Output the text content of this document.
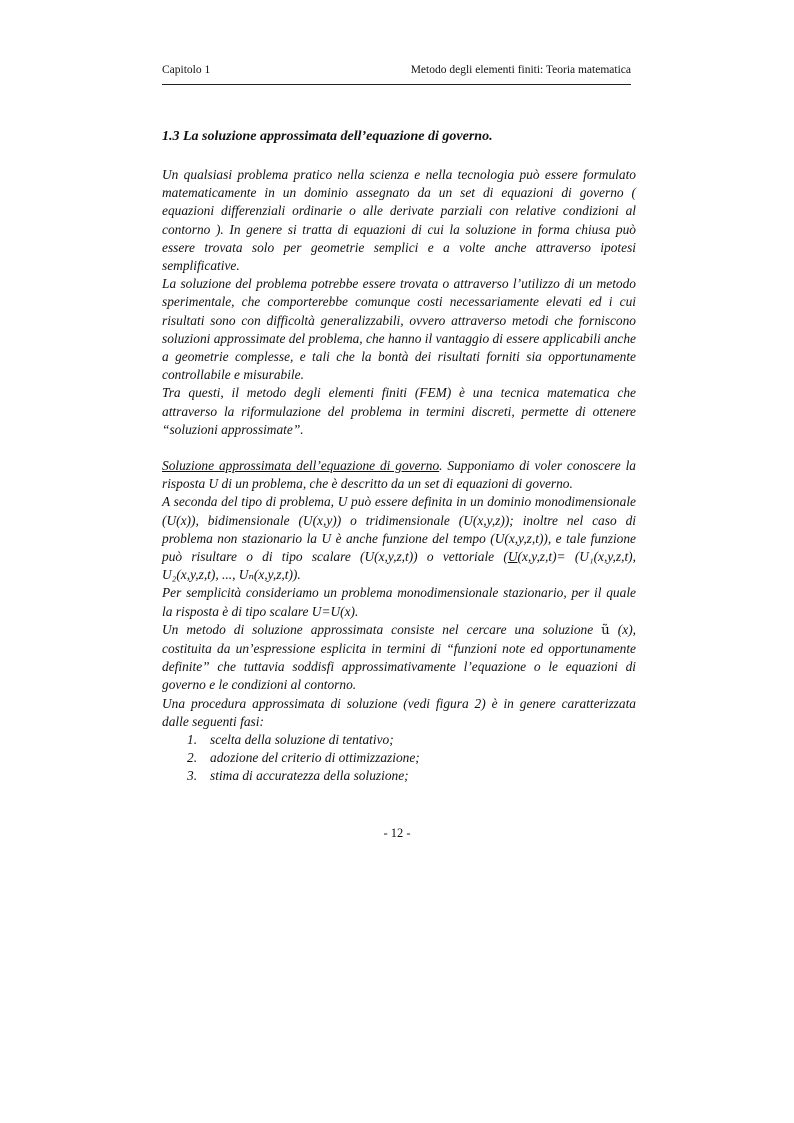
Capitolo 1	Metodo degli elementi finiti: Teoria matematica
1.3 La soluzione approssimata dell’equazione di governo.

Un qualsiasi problema pratico nella scienza e nella tecnologia può essere formulato matematicamente in un dominio assegnato da un set di equazioni di governo ( equazioni differenziali ordinarie o alle derivate parziali con relative condizioni al contorno ). In genere si tratta di equazioni di cui la soluzione in forma chiusa può essere trovata solo per geometrie semplici e a volte anche attraverso ipotesi semplificative.

La soluzione del problema potrebbe essere trovata o attraverso l’utilizzo di un metodo sperimentale, che comporterebbe comunque costi necessariamente elevati ed i cui risultati sono con difficoltà generalizzabili, ovvero attraverso metodi che forniscono soluzioni approssimate del problema, che hanno il vantaggio di essere applicabili anche a geometrie complesse, e tali che la bontà dei risultati forniti sia opportunamente controllabile e misurabile.

Tra questi, il metodo degli elementi finiti (FEM) è una tecnica matematica che attraverso la riformulazione del problema in termini discreti, permette di ottenere “soluzioni approssimate”.

Soluzione approssimata dell’equazione di governo. Supponiamo di voler conoscere la risposta U di un problema, che è descritto da un set di equazioni di governo.

A seconda del tipo di problema, U può essere definita in un dominio monodimensionale (U(x)), bidimensionale (U(x,y)) o tridimensionale (U(x,y,z)); inoltre nel caso di problema non stazionario la U è anche funzione del tempo (U(x,y,z,t)), e tale funzione può risultare o di tipo scalare (U(x,y,z,t)) o vettoriale (U(x,y,z,t)= (U₁(x,y,z,t), U₂(x,y,z,t), ..., Uₙ(x,y,z,t)).

Per semplicità consideriamo un problema monodimensionale stazionario, per il quale la risposta è di tipo scalare U=U(x).

Un metodo di soluzione approssimata consiste nel cercare una soluzione ũ (x), costituita da un’espressione esplicita in termini di “funzioni note ed opportunamente definite” che tuttavia soddisfi approssimativamente l’equazione o le equazioni di governo e le condizioni al contorno.

Una procedura approssimata di soluzione (vedi figura 2) è in genere caratterizzata dalle seguenti fasi:

1. scelta della soluzione di tentativo;
2. adozione del criterio di ottimizzazione;
3. stima di accuratezza della soluzione;
- 12 -
